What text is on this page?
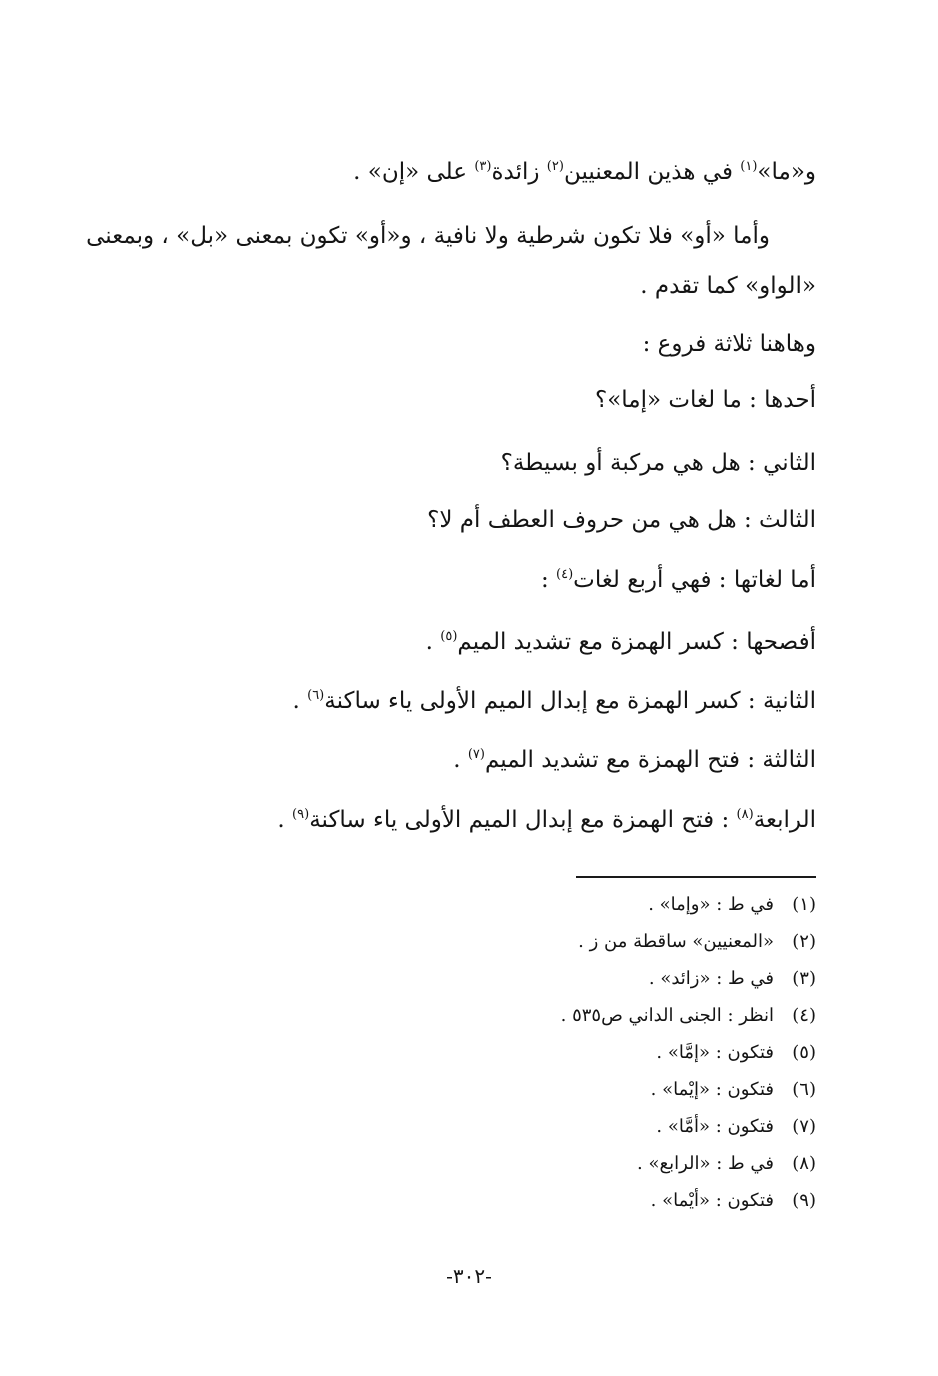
و«ما»$^{(١)}$ في هذين المعنيين$^{(٢)}$ زائدة$^{(٣)}$ على «إن» .
وأما «أو» فلا تكون شرطية ولا نافية ، و«أو» تكون بمعنى «بل» ، وبمعنى
«الواو» كما تقدم .
وهاهنا ثلاثة فروع :
أحدها : ما لغات «إما»؟
الثاني : هل هي مركبة أو بسيطة؟
الثالث : هل هي من حروف العطف أم لا؟
أما لغاتها : فهي أربع لغات$^{(٤)}$ :
أفصحها : كسر الهمزة مع تشديد الميم$^{(٥)}$ .
الثانية : كسر الهمزة مع إبدال الميم الأولى ياء ساكنة$^{(٦)}$ .
الثالثة : فتح الهمزة مع تشديد الميم$^{(٧)}$ .
الرابعة$^{(٨)}$ : فتح الهمزة مع إبدال الميم الأولى ياء ساكنة$^{(٩)}$ .
(١)في ط : «وإما» .
(٢)«المعنيين» ساقطة من ز .
(٣)في ط : «زائد» .
(٤)انظر : الجنى الداني ص٥٣٥ .
(٥)فتكون : «إمَّا» .
(٦)فتكون : «إيْما» .
(٧)فتكون : «أمَّا» .
(٨)في ط : «الرابع» .
(٩)فتكون : «أيْما» .
-٣٠٢-
